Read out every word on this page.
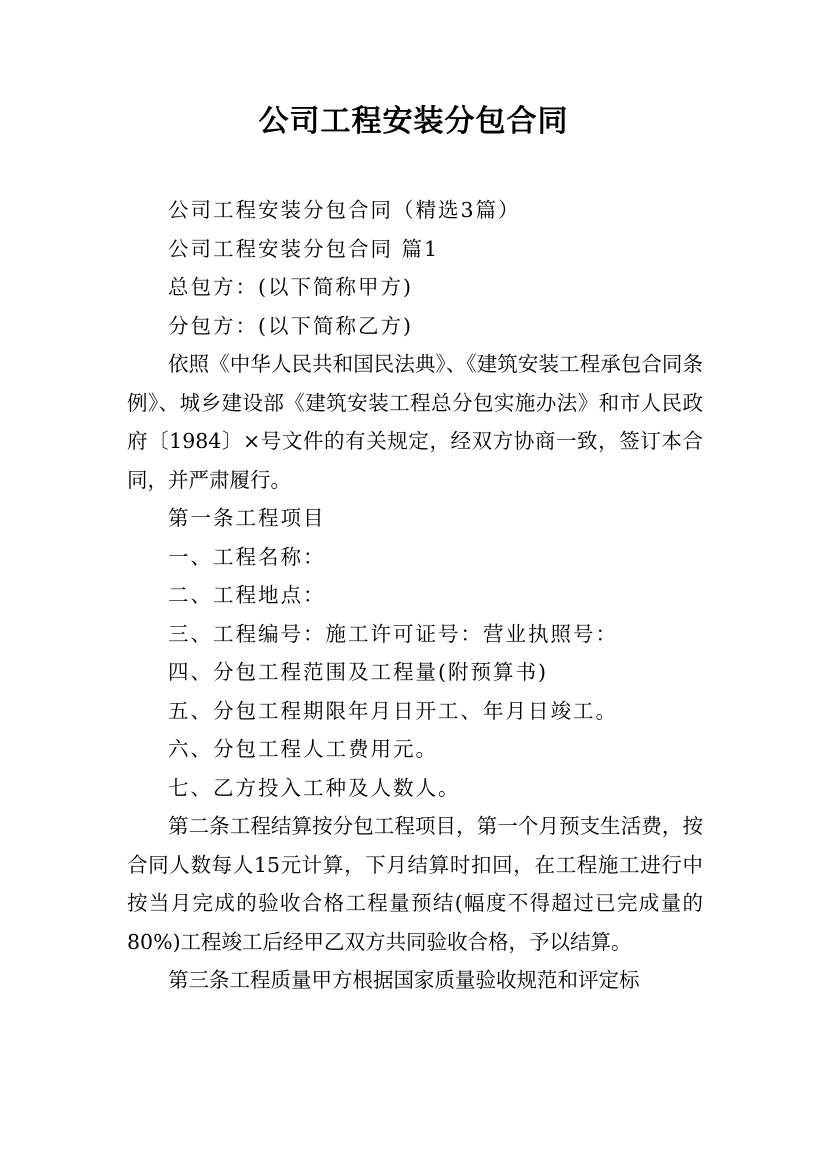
公司工程安装分包合同

公司工程安装分包合同（精选3篇）

公司工程安装分包合同 篇1

总包方：(以下简称甲方)

分包方：(以下简称乙方)

依照《中华人民共和国民法典》、《建筑安装工程承包合同条例》、城乡建设部《建筑安装工程总分包实施办法》和市人民政府〔1984〕×号文件的有关规定，经双方协商一致，签订本合同，并严肃履行。

第一条工程项目

一、工程名称：

二、工程地点：

三、工程编号：施工许可证号：营业执照号：

四、分包工程范围及工程量(附预算书)

五、分包工程期限年月日开工、年月日竣工。

六、分包工程人工费用元。

七、乙方投入工种及人数人。

第二条工程结算按分包工程项目，第一个月预支生活费，按合同人数每人15元计算，下月结算时扣回，在工程施工进行中按当月完成的验收合格工程量预结(幅度不得超过已完成量的80%)工程竣工后经甲乙双方共同验收合格，予以结算。

第三条工程质量甲方根据国家质量验收规范和评定标
